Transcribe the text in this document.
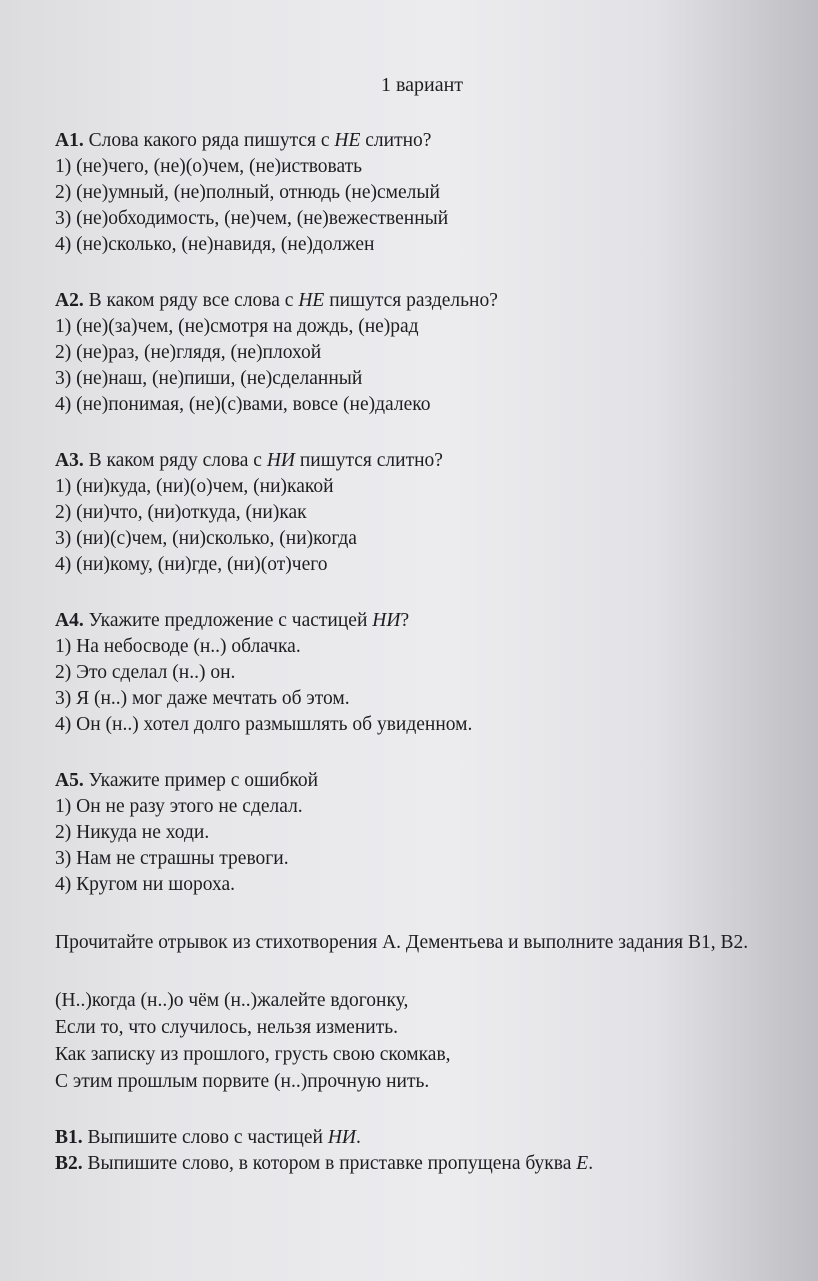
1 вариант

А1. Слова какого ряда пишутся с НЕ слитно?

1) (не)чего, (не)(о)чем, (не)иствовать

2) (не)умный, (не)полный, отнюдь (не)смелый

3) (не)обходимость, (не)чем, (не)вежественный

4) (не)сколько, (не)навидя, (не)должен

А2. В каком ряду все слова с НЕ пишутся раздельно?

1) (не)(за)чем, (не)смотря на дождь, (не)рад

2) (не)раз, (не)глядя, (не)плохой

3) (не)наш, (не)пиши, (не)сделанный

4) (не)понимая, (не)(с)вами, вовсе (не)далеко

А3. В каком ряду слова с НИ пишутся слитно?

1) (ни)куда, (ни)(о)чем, (ни)какой

2) (ни)что, (ни)откуда, (ни)как

3) (ни)(с)чем, (ни)сколько, (ни)когда

4) (ни)кому, (ни)где, (ни)(от)чего

А4. Укажите предложение с частицей НИ?

1) На небосводе (н..) облачка.

2) Это сделал (н..) он.

3) Я (н..) мог даже мечтать об этом.

4) Он (н..) хотел долго размышлять об увиденном.

А5. Укажите пример с ошибкой

1) Он не разу этого не сделал.

2) Никуда не ходи.

3) Нам не страшны тревоги.

4) Кругом ни шороха.

Прочитайте отрывок из стихотворения А. Дементьева и выполните задания В1, В2.

(Н..)когда (н..)о чём (н..)жалейте вдогонку,

Если то, что случилось, нельзя изменить.

Как записку из прошлого, грусть свою скомкав,

С этим прошлым порвите (н..)прочную нить.

В1. Выпишите слово с частицей НИ.

В2. Выпишите слово, в котором в приставке пропущена буква Е.
